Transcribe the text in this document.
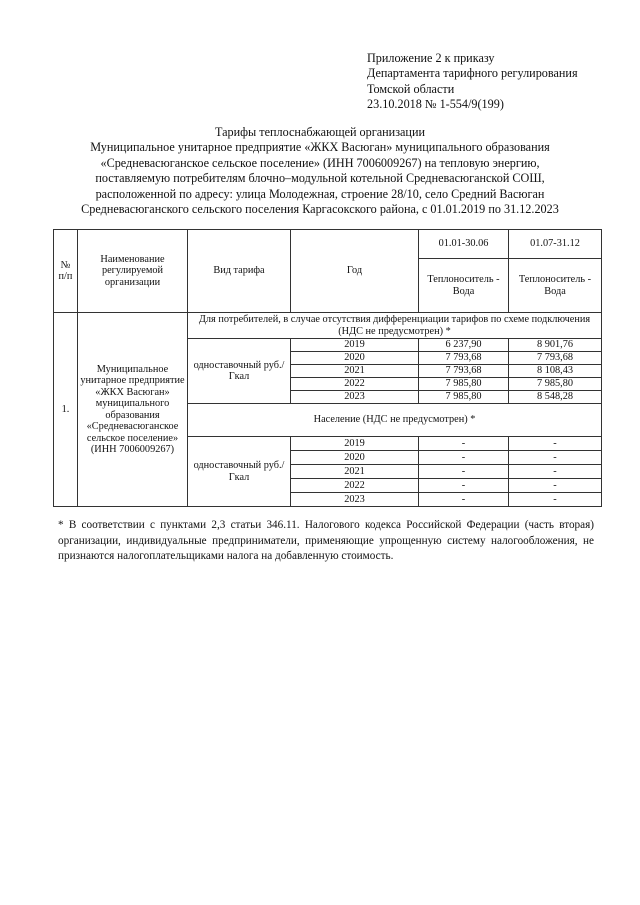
Приложение 2 к приказу
Департамента тарифного регулирования
Томской области
23.10.2018 № 1-554/9(199)
Тарифы теплоснабжающей организации
Муниципальное унитарное предприятие «ЖКХ Васюган» муниципального образования
«Средневасюганское сельское поселение» (ИНН 7006009267) на тепловую энергию,
поставляемую потребителям блочно–модульной котельной Средневасюганской СОШ,
расположенной по адресу: улица Молодежная, строение 28/10, село Средний Васюган
Средневасюганского сельского поселения Каргасокского района, с 01.01.2019 по 31.12.2023
№ п/п	Наименование регулируемой организации	Вид тарифа	Год	01.01-30.06	01.07-31.12
				Теплоноситель - Вода	Теплоноситель - Вода
1.	Муниципальное унитарное предприятие «ЖКХ Васюган» муниципального образования «Средневасюганское сельское поселение» (ИНН 7006009267)	Для потребителей, в случае отсутствия дифференциации тарифов по схеме подключения (НДС не предусмотрен) *			
		одноставочный руб./Гкал	2019	6 237,90	8 901,76
			2020	7 793,68	7 793,68
			2021	7 793,68	8 108,43
			2022	7 985,80	7 985,80
			2023	7 985,80	8 548,28
		Население (НДС не предусмотрен) *			
		одноставочный руб./Гкал	2019	-	-
			2020	-	-
			2021	-	-
			2022	-	-
			2023	-	-
* В соответствии с пунктами 2,3 статьи 346.11. Налогового кодекса Российской Федерации (часть вторая) организации, индивидуальные предприниматели, применяющие упрощенную систему налогообложения, не признаются налогоплательщиками налога на добавленную стоимость.
